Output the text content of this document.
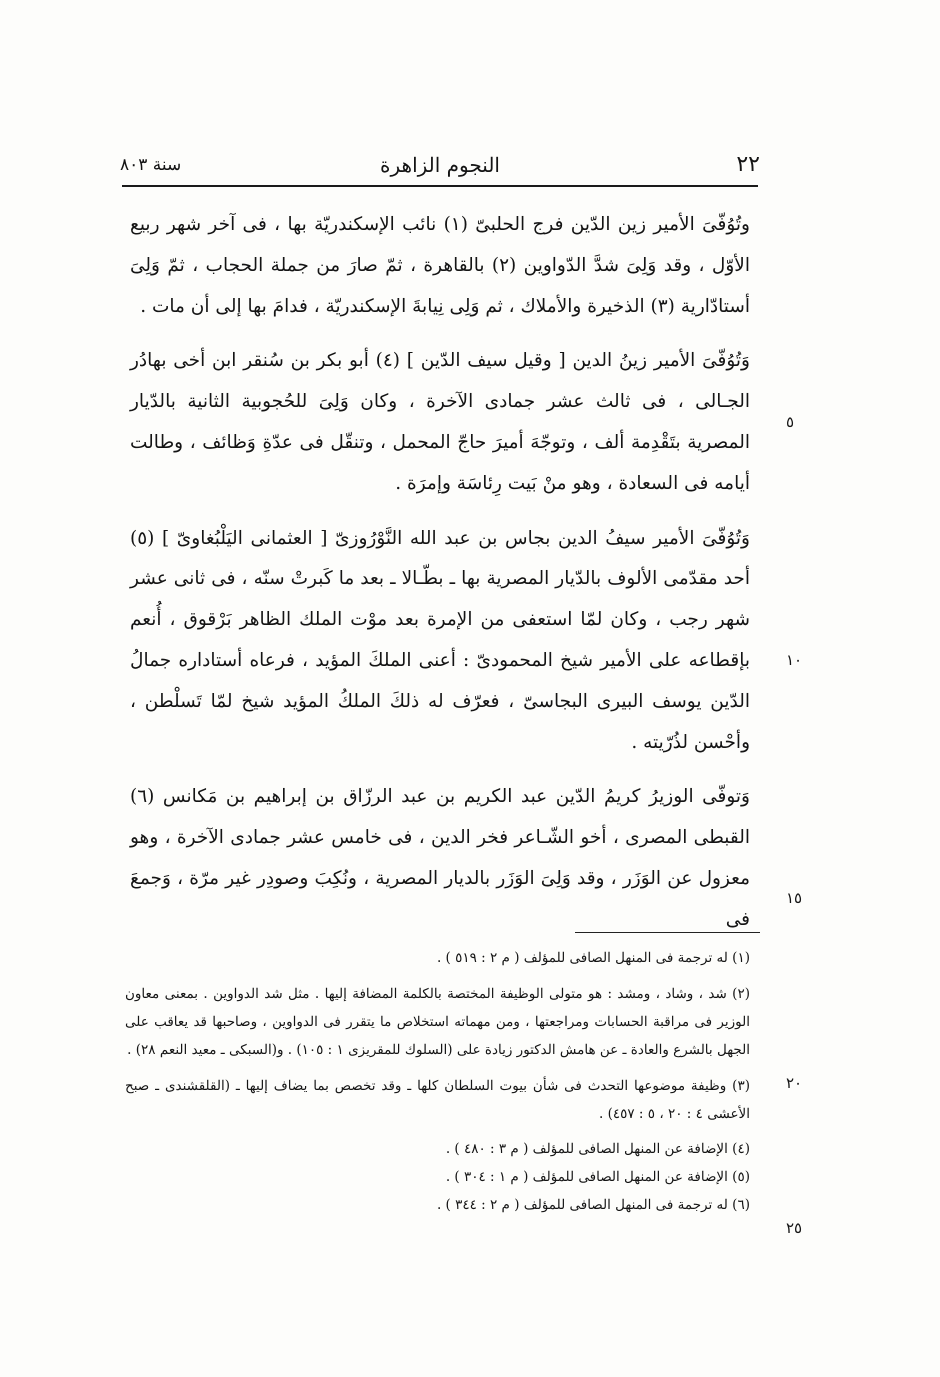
٢٢
النجوم الزاهرة
سنة ٨٠٣

وتُوُفّىَ الأمير زين الدّين فرج الحلبىّ (١) نائب الإسكندريّة بها ، فى آخر شهر ربيع الأوّل ، وقد وَلِىَ شدَّ الدّواوين (٢) بالقاهرة ، ثمّ صارَ من جملة الحجاب ، ثمّ وَلِىَ أستادّارية (٣) الذخيرة والأملاك ، ثم وَلِى نِيابةَ الإسكندريّة ، فدامَ بها إلى أن مات .

وَتُوُفّىَ الأمير زينُ الدين [ وقيل سيف الدّين ] (٤) أبو بكر بن سُنقر ابن أخى بهادُر الجـالى ، فى ثالث عشر جمادى الآخرة ، وكان وَلِىَ للحُجوبية الثانية بالدّيار المصرية بتَقْدِمة ألف ، وتوجّهَ أميرَ حاجّ المحمل ، وتنقّل فى عدّةِ وَظائف ، وطالت أيامه فى السعادة ، وهو منْ بَيت رِئاسَة وإمرَة .

وَتُوُفّىَ الأمير سيفُ الدين بجاس بن عبد الله النَّوْرُوزىّ [ العثمانى اليَلْبُغاوىّ ] (٥) أحد مقدّمى الألوف بالدّيار المصرية بها ـ بطّـالا ـ بعد ما كَبرتْ سنّه ، فى ثانى عشر شهر رجب ، وكان لمّا استعفى من الإمرة بعد موْت الملك الظاهر بَرْقوق ، أُنعم بإقطاعه على الأمير شيخ المحمودىّ : أعنى الملكَ المؤيد ، فرعاه أستاداره جمالُ الدّين يوسف البيرى البجاسىّ ، فعرّف له ذلكَ الملكُ المؤيد شيخ لمّا تَسلْطن ، وأحْسن لذُرّيته .

وَتوفّى الوزيرُ كريمُ الدّين عبد الكريم بن عبد الرزّاق بن إبراهيم بن مَكانس (٦) القبطى المصرى ، أخو الشّـاعر فخر الدين ، فى خامس عشر جمادى الآخرة ، وهو معزول عن الوَزَر ، وقد وَلِىَ الوَزَر بالديار المصرية ، ونُكِبَ وصودِر غير مرّة ، وَجمعَ فى

(١) له ترجمة فى المنهل الصافى للمؤلف ( م ٢ : ٥١٩ ) .

(٢) شد ، وشاد ، ومشد : هو متولى الوظيفة المختصة بالكلمة المضافة إليها . مثل شد الدواوين . بمعنى معاون الوزير فى مراقبة الحسابات ومراجعتها ، ومن مهماته استخلاص ما يتقرر فى الدواوين ، وصاحبها قد يعاقب على الجهل بالشرع والعادة ـ عن هامش الدكتور زيادة على (السلوك للمقريزى ١ : ١٠٥) . و(السبكى ـ معيد النعم ٢٨) .

(٣) وظيفة موضوعها التحدث فى شأن بيوت السلطان كلها ـ وقد تخصص بما يضاف إليها ـ (القلقشندى ـ صبح الأعشى ٤ : ٢٠ ، ٥ : ٤٥٧) .

(٤) الإضافة عن المنهل الصافى للمؤلف ( م ٣ : ٤٨٠ ) .

(٥) الإضافة عن المنهل الصافى للمؤلف ( م ١ : ٣٠٤ ) .

(٦) له ترجمة فى المنهل الصافى للمؤلف ( م ٢ : ٣٤٤ ) .

٥
١٠
١٥
٢٠
٢٥
